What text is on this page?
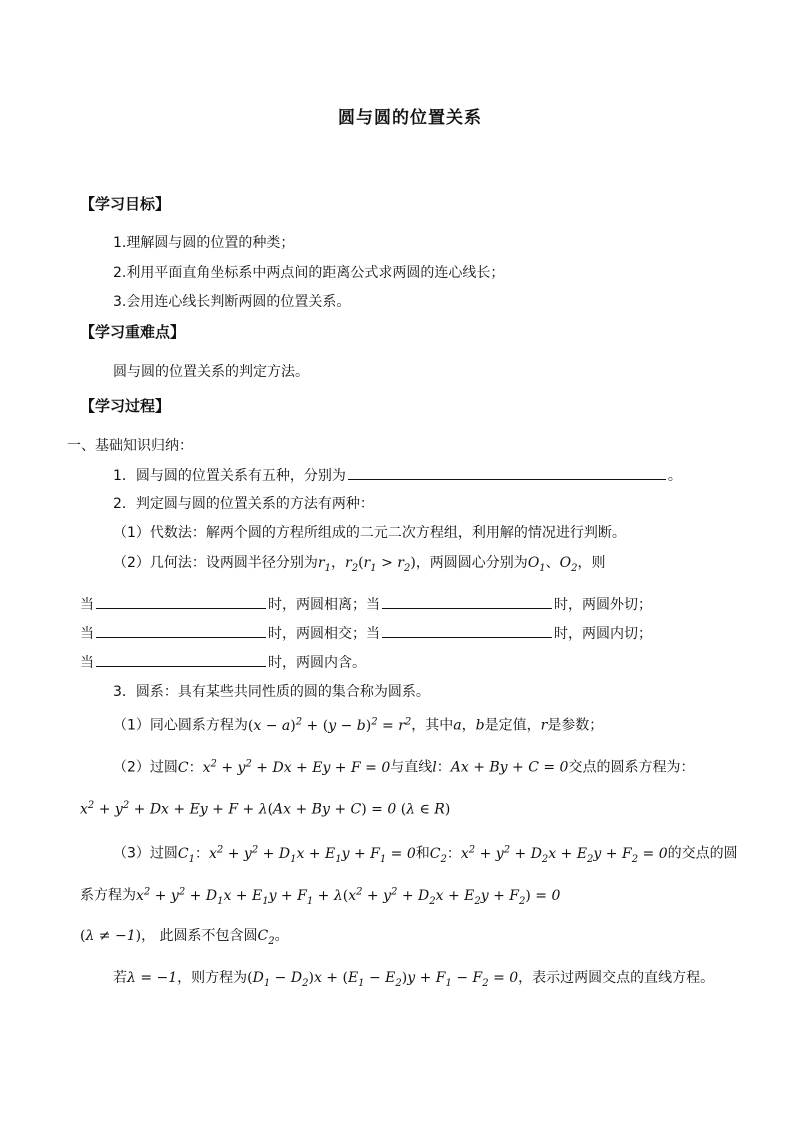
圆与圆的位置关系
【学习目标】
1.理解圆与圆的位置的种类；
2.利用平面直角坐标系中两点间的距离公式求两圆的连心线长；
3.会用连心线长判断两圆的位置关系。
【学习重难点】
圆与圆的位置关系的判定方法。
【学习过程】
一、基础知识归纳：
1．圆与圆的位置关系有五种，分别为	。
2．判定圆与圆的位置关系的方法有两种：
（1）代数法：解两个圆的方程所组成的二元二次方程组，利用解的情况进行判断。
（2）几何法：设两圆半径分别为$r_1$，$r_2(r_1 > r_2)$，两圆圆心分别为$O_1$、$O_2$，则
当	时，两圆相离；当	时，两圆外切；
当	时，两圆相交；当	时，两圆内切；
当	时，两圆内含。
3．圆系：具有某些共同性质的圆的集合称为圆系。
（1）同心圆系方程为$(x - a)^2 + (y - b)^2 = r^2$，其中a，b是定值，r是参数；
（2）过圆C：$x^2 + y^2 + Dx + Ey + F = 0$与直线l：Ax + By + C = 0交点的圆系方程为：
$x^2 + y^2 + Dx + Ey + F + \lambda(Ax + By + C) = 0$ (λ ∈ R)
（3）过圆$C_1$：$x^2 + y^2 + D_1x + E_1y + F_1 = 0$和$C_2$：$x^2 + y^2 + D_2x + E_2y + F_2 = 0$的交点的圆
系方程为$x^2 + y^2 + D_1x + E_1y + F_1 + \lambda(x^2 + y^2 + D_2x + E_2y + F_2) = 0$
(λ ≠ −1)， 此圆系不包含圆$C_2$。
若λ = −1，则方程为$(D_1 - D_2)x + (E_1 - E_2)y + F_1 - F_2 = 0$，表示过两圆交点的直线方程。
